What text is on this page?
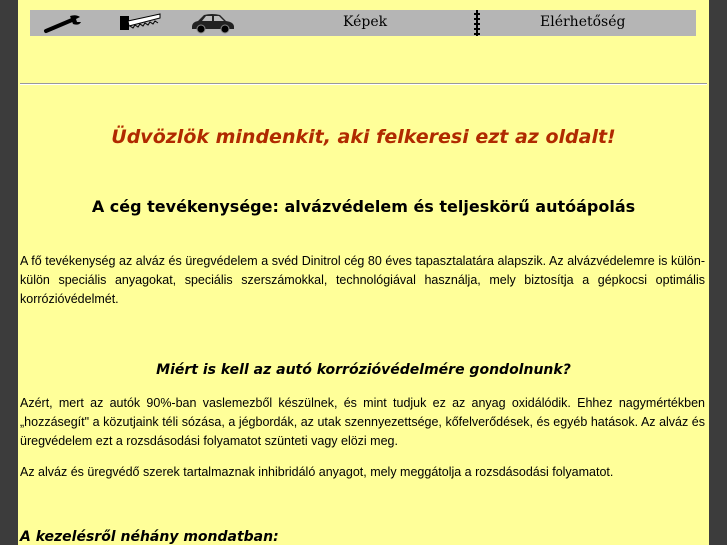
Képek	Elérhetőség
Üdvözlök mindenkit, aki felkeresi ezt az oldalt!
A cég tevékenysége: alvázvédelem és teljeskörű autóápolás

A fő tevékenység az alváz és üregvédelem a svéd Dinitrol cég 80 éves tapasztalatára alapszik. Az alvázvédelemre is külön-külön speciális anyagokat, speciális szerszámokkal, technológiával használja, mely biztosítja a gépkocsi optimális korrózióvédelmét.

Miért is kell az autó korrózióvédelmére gondolnunk?

Azért, mert az autók 90%-ban vaslemezből készülnek, és mint tudjuk ez az anyag oxidálódik. Ehhez nagymértékben „hozzásegít" a közutjaink téli sózása, a jégbordák, az utak szennyezettsége, kőfelverődések, és egyéb hatások. Az alváz és üregvédelem ezt a rozsdásodási folyamatot szünteti vagy elözi meg.

Az alváz és üregvédő szerek tartalmaznak inhibridáló anyagot, mely meggátolja a rozsdásodási folyamatot.

A kezelésről néhány mondatban:
